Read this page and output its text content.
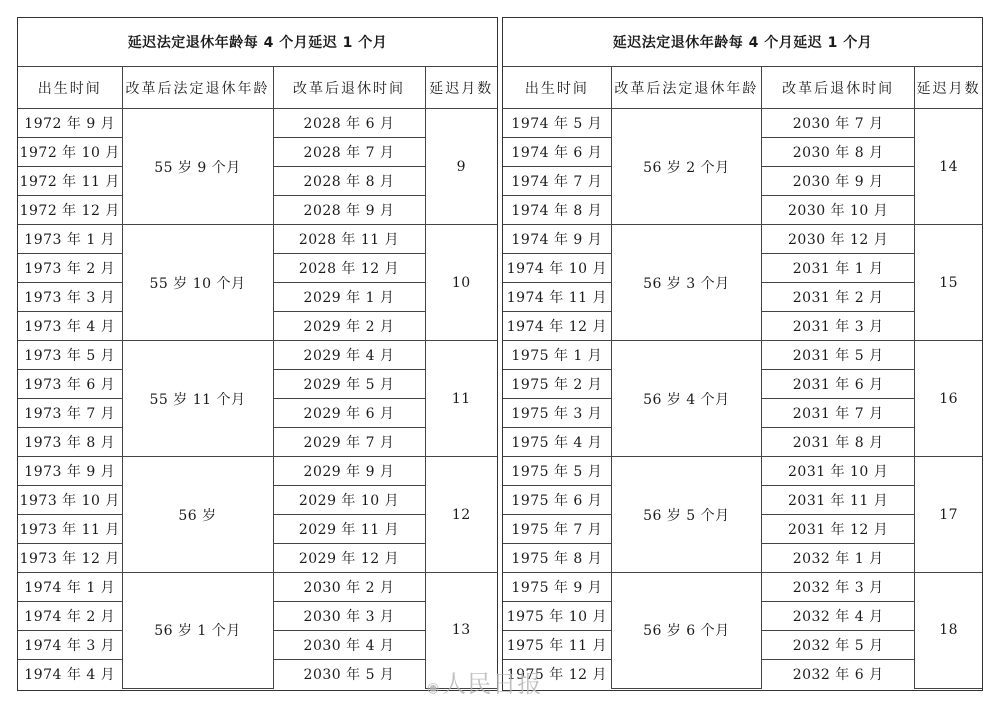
延迟法定退休年龄每 4 个月延迟 1 个月			
出生时间	改革后法定退休年龄	改革后退休时间	延迟月数
1972 年 9 月	55 岁 9 个月	2028 年 6 月	9
1972 年 10 月		2028 年 7 月	
1972 年 11 月		2028 年 8 月	
1972 年 12 月		2028 年 9 月	
1973 年 1 月	55 岁 10 个月	2028 年 11 月	10
1973 年 2 月		2028 年 12 月	
1973 年 3 月		2029 年 1 月	
1973 年 4 月		2029 年 2 月	
1973 年 5 月	55 岁 11 个月	2029 年 4 月	11
1973 年 6 月		2029 年 5 月	
1973 年 7 月		2029 年 6 月	
1973 年 8 月		2029 年 7 月	
1973 年 9 月	56 岁	2029 年 9 月	12
1973 年 10 月		2029 年 10 月	
1973 年 11 月		2029 年 11 月	
1973 年 12 月		2029 年 12 月	
1974 年 1 月	56 岁 1 个月	2030 年 2 月	13
1974 年 2 月		2030 年 3 月	
1974 年 3 月		2030 年 4 月	
1974 年 4 月		2030 年 5 月	
延迟法定退休年龄每 4 个月延迟 1 个月			
出生时间	改革后法定退休年龄	改革后退休时间	延迟月数
1974 年 5 月	56 岁 2 个月	2030 年 7 月	14
1974 年 6 月		2030 年 8 月	
1974 年 7 月		2030 年 9 月	
1974 年 8 月		2030 年 10 月	
1974 年 9 月	56 岁 3 个月	2030 年 12 月	15
1974 年 10 月		2031 年 1 月	
1974 年 11 月		2031 年 2 月	
1974 年 12 月		2031 年 3 月	
1975 年 1 月	56 岁 4 个月	2031 年 5 月	16
1975 年 2 月		2031 年 6 月	
1975 年 3 月		2031 年 7 月	
1975 年 4 月		2031 年 8 月	
1975 年 5 月	56 岁 5 个月	2031 年 10 月	17
1975 年 6 月		2031 年 11 月	
1975 年 7 月		2031 年 12 月	
1975 年 8 月		2032 年 1 月	
1975 年 9 月	56 岁 6 个月	2032 年 3 月	18
1975 年 10 月		2032 年 4 月	
1975 年 11 月		2032 年 5 月	
1975 年 12 月		2032 年 6 月	
◉人民日报
